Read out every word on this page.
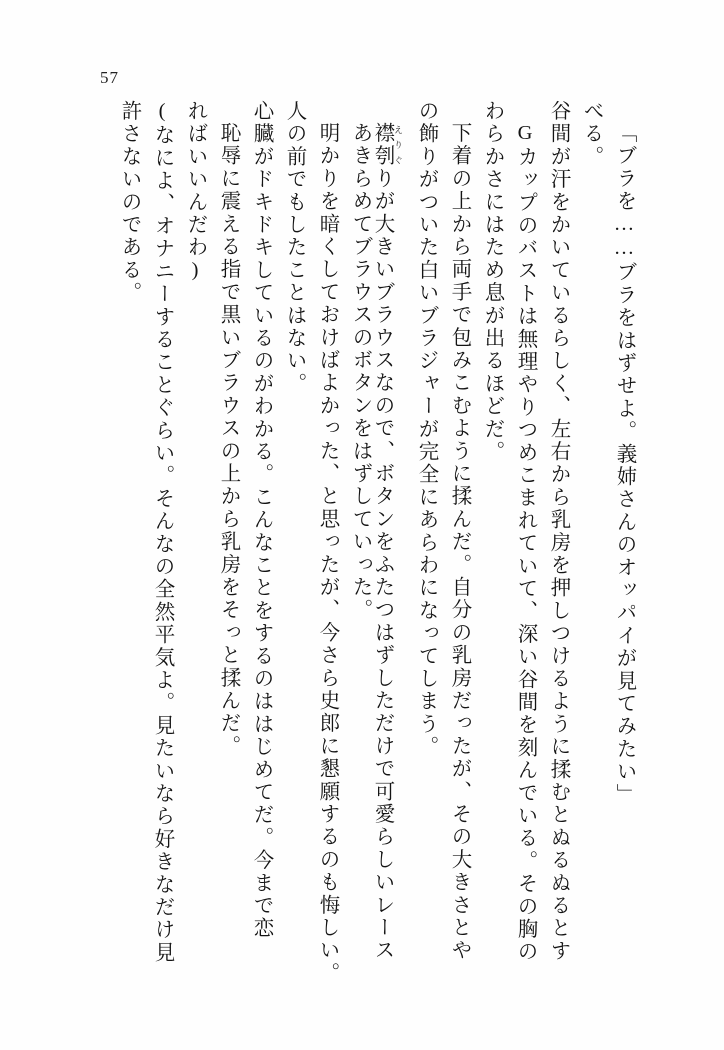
57
許さないのである。 (なによ、オナニーすることぐらい。そんなの全然平気よ。見たいなら好きなだけ見 ればいいんだわ) 恥辱に震える指で黒いブラウスの上から乳房をそっと揉んだ。 心臓がドキドキしているのがわかる。こんなことをするのははじめてだ。今まで恋 人の前でもしたことはない。 明かりを暗くしておけばよかった、と思ったが、今さら史郎に懇願するのも悔しい。 あきらめてブラウスのボタンをはずしていった。 襟刳 えりぐりが大きいブラウスなので、ボタンをふたつはずしただけで可愛らしいレース	の飾りがついた白いブラジャーが完全にあらわになってしまう。 下着の上から両手で包みこむように揉んだ。自分の乳房だったが、その大きさとや わらかさにはため息が出るほどだ。 Gカップのバストは無理やりつめこまれていて、深い谷間を刻んでいる。その胸の 谷間が汗をかいているらしく、左右から乳房を押しつけるように揉むとぬるぬるとす べる。 「ブラを……ブラをはずせよ。義姉さんのオッパイが見てみたい」
